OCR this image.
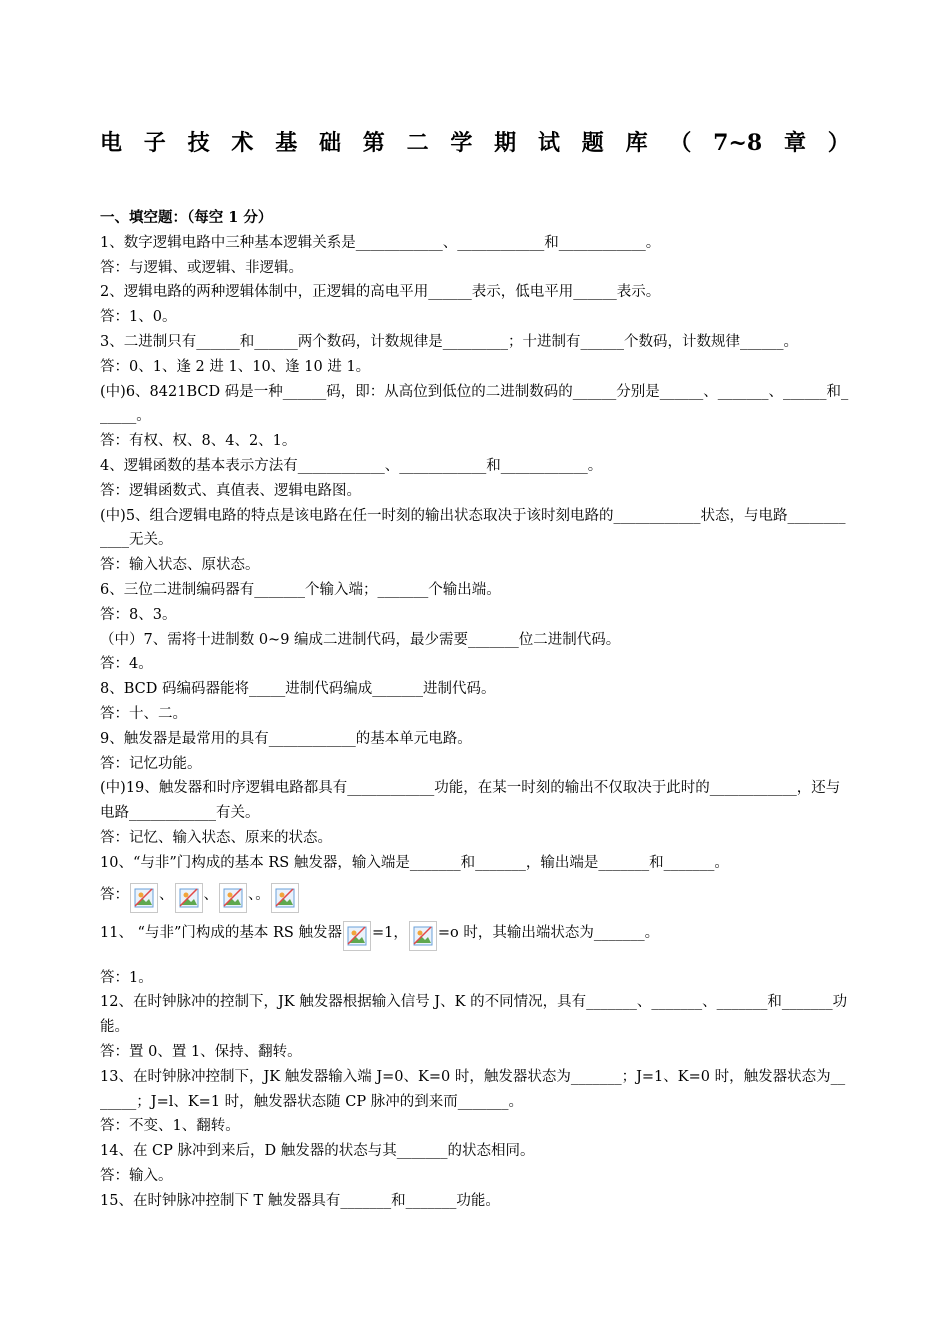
电 子 技 术 基 础 第 二 学 期 试 题 库 （ 7~8 章 ）

一、填空题：（每空 1 分）

1、数字逻辑电路中三种基本逻辑关系是____________、____________和____________。

答：与逻辑、或逻辑、非逻辑。

2、逻辑电路的两种逻辑体制中，正逻辑的高电平用______表示，低电平用______表示。

答：1、0。

3、二进制只有______和______两个数码，计数规律是_________；十进制有______个数码，计数规律______。

答：0、1、逢 2 进 1、10、逢 10 进 1。

(中)6、8421BCD 码是一种______码，即：从高位到低位的二进制数码的______分别是______、_______、______和______。

答：有权、权、8、4、2、1。

4、逻辑函数的基本表示方法有____________、____________和____________。

答：逻辑函数式、真值表、逻辑电路图。

(中)5、组合逻辑电路的特点是该电路在任一时刻的输出状态取决于该时刻电路的____________状态，与电路____________无关。

答：输入状态、原状态。

6、三位二进制编码器有_______个输入端；_______个输出端。

答：8、3。

（中）7、需将十进制数 0~9 编成二进制代码，最少需要_______位二进制代码。

答：4。

8、BCD 码编码器能将_____进制代码编成_______进制代码。

答：十、二。

9、触发器是最常用的具有____________的基本单元电路。

答：记忆功能。

(中)19、触发器和时序逻辑电路都具有____________功能，在某一时刻的输出不仅取决于此时的____________，还与电路____________有关。

答：记忆、输入状态、原来的状态。

10、“与非”门构成的基本 RS 触发器，输入端是_______和_______，输出端是_______和_______。

答： 、 、 、。

11、 “与非”门构成的基本 RS 触发器 =1， =o 时，其输出端状态为_______。

答：1。

12、在时钟脉冲的控制下，JK 触发器根据输入信号 J、K 的不同情况，具有_______、_______、_______和_______功能。

答：置 0、置 1、保持、翻转。

13、在时钟脉冲控制下，JK 触发器输入端 J=0、K=0 时，触发器状态为_______；J=1、K=0 时，触发器状态为_______；J=l、K=1 时，触发器状态随 CP 脉冲的到来而_______。

答：不变、1、翻转。

14、在 CP 脉冲到来后，D 触发器的状态与其_______的状态相同。

答：输入。

15、在时钟脉冲控制下 T 触发器具有_______和_______功能。
